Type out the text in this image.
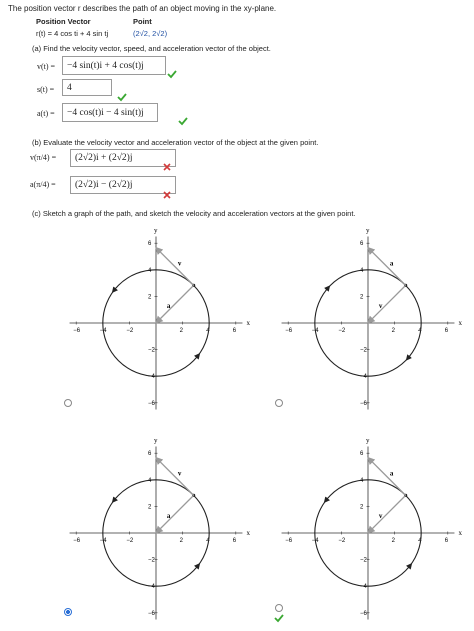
The position vector r describes the path of an object moving in the xy-plane.
Position Vector	Point
r(t) = 4 cos ti + 4 sin tj	(2√2, 2√2)
(a) Find the velocity vector, speed, and acceleration vector of the object.
v(t) =	−4 sin(t)i + 4 cos(t)j
s(t) =	4
a(t) =	−4 cos(t)i − 4 sin(t)j
(b) Evaluate the velocity vector and acceleration vector of the object at the given point.
v(π/4) =	(2√2)i + (2√2)j
a(π/4) =	(2√2)i − (2√2)j
(c) Sketch a graph of the path, and sketch the velocity and acceleration vectors at the given point.
x
y
−6	−4	−2	2	4	6
6
4
2
−2
−4
−6
v
a
x
y
−6	−4	−2	2	4	6
6
4
2
−2
−4
−6
v
a
x
y
−6	−4	−2	2	4	6
6
4
2
−2
−4
−6
v
a
x
y
−6	−4	−2	2	4	6
6
4
2
−2
−4
−6
v
a
